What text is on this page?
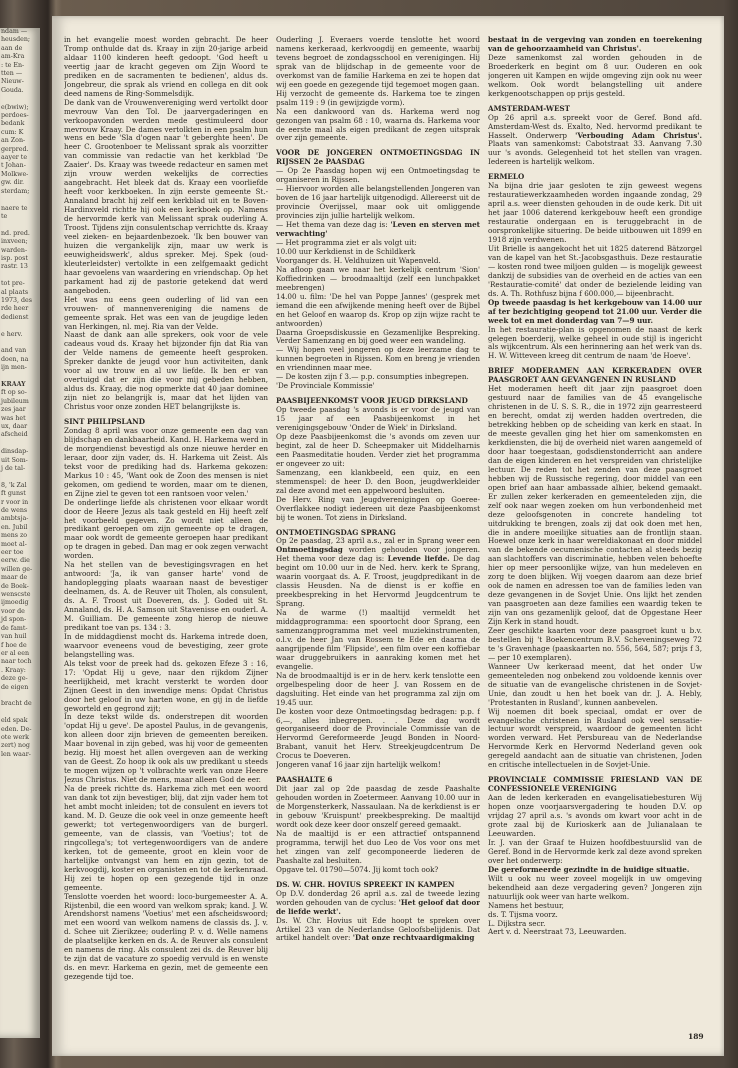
ndam —
heusden;
aan de
am-Kra
: te En-
tten —
Nieuw-
Gouda.
e(bwiw);
perdoes-
bedank
cum: K
an Zon-
gerpred.
aayer te
t Johan-
Molkwe-
gw. dir.
sterdam;
naere te
te
nd. pred.
inxveen;
warden-
isp. post
rastr. 13
tot pre-
al plaats
1973, des
rde heer
dedienst
e herv.
and van
doen, na
ijn men-
KRAAY
ft op so-
jubileum
zes jaar
was het
ux, daar
afscheid
dinsdap-
uit Som-
j de tal-
8, 'k Zal
ft gunst
r voor in
de wens
ambtsja-
en. Jubil
mens zo
moet al-
eer toe
eerw. die
willen ge-
maar de
de Boek-
wenscste
ijmoedig
voor de
jd spon-
de famt-
van huil
f hoe de
er al een
naar toch
. Kraay:
deze ge-
de eigen
bracht de
eld spak
eden. De-
ote werk
zert) nog
len waar-

in het evangelie moest worden gebracht. De heer Tromp onthulde dat ds. Kraay in zijn 20-jarige arbeid aldaar 1100 kinderen heeft gedoopt. 'God heeft u veertig jaar de kracht gegeven om Zijn Woord te prediken en de sacramenten te bedienen', aldus ds. Jongebreur, die sprak als vriend en collega en dit ook deed namens de Ring-Sommelsdijk.

De dank van de Vrouwenvereniging werd vertolkt door mevrouw Van den Tol. De jaarvergaderingen en verkoopavonden werden mede gestimuleerd door mevrouw Kraay. De dames vertolkten in een psalm hun wens en bede 'Sla d'ogen naar 't geberghte heen'. De heer C. Grootenboer te Melissant sprak als voorzitter van commissie van redactie van het kerkblad 'De Zaaier'. Ds. Kraay was tweede redacteur en samen met zijn vrouw werden wekelijks de correcties aangebracht. Het bleek dat ds. Kraay een voorliefde heeft voor kerkboeken. In zijn eerste gemeente St.-Annaland bracht hij zelf een kerkblad uit en te Boven-Hardinxveld richtte hij ook een kerkboek op. Namens de hervormde kerk van Melissant sprak ouderling A. Troost. Tijdens zijn consulentschap verrichtte ds. Kraay veel zieken- en bejaardenbezoek. 'Ik ben bouwer van huizen die vergankelijk zijn, maar uw werk is eeuwigheidswerk', aldus spreker. Mej. Spek (oud-kleuterleidster) vertolkte in een zelfgemaakt gedicht haar gevoelens van waardering en vriendschap. Op het parkament had zij de pastorie getekend dat werd aangeboden.

Het was nu eens geen ouderling of lid van een vrouwen- of mannenvereniging die namens de gemeente sprak. Het was een van de jeugdige leden van Herkingen, nl. mej. Ria van der Velde.

Naast de dank aan alle sprekers, ook voor de vele cadeaus voud ds. Kraay het bijzonder fijn dat Ria van der Velde namens de gemeente heeft gesproken. Spreker dankte de jeugd voor hun activiteiten, dank voor al uw trouw en al uw liefde. Ik ben er van overtuigd dat er zijn die voor mij gebeden hebben, aldus ds. Kraay, die nog opmerkte dat 40 jaar dominee zijn niet zo belangrijk is, maar dat het lijden van Christus voor onze zonden HET belangrijkste is.

SINT PHILIPSLAND

Zondag 8 april was voor onze gemeente een dag van blijdschap en dankbaarheid. Kand. H. Harkema werd in de morgendienst bevestigd als onze nieuwe herder en leraar, door zijn vader, ds. H. Harkema uit Zeist. Als tekst voor de prediking had ds. Harkema gekozen: Markus 10 : 45, 'Want ook de Zoon des mensen is niet gekomen, om gediend te worden, maar om te dienen, en Zijne ziel te geven tot een rantsoen voor velen.'

De onderlinge liefde als christenen voor elkaar wordt door de Heere Jezus als taak gesteld en Hij heeft zelf het voorbeeld gegeven. Zo wordt niet alleen de predikant geroepen om zijn gemeente op te dragen, maar ook wordt de gemeente geroepen haar predikant op te dragen in gebed. Dan mag er ook zegen verwacht worden.

Na het stellen van de bevestigingsvragen en het antwoord: 'Ja, ik van ganser harte' vond de handoplegging plaats waaraan naast de bevestiger deelnamen, ds. A. de Reuver uit Tholen, als consulent, ds. A. F. Troost uit Doeveren, ds. J. Goded uit St. Annaland, ds. H. A. Samson uit Stavenisse en ouderl. A. M. Guilliam. De gemeente zong hierop de nieuwe predikant toe van ps. 134 : 3.

In de middagdienst mocht ds. Harkema intrede doen, waarvoor eveneens voud de bevestiging, zeer grote belangstelling was.

Als tekst voor de preek had ds. gekozen Efeze 3 : 16, 17: 'Opdat Hij u geve, naar den rijkdom Zijner heerlijkheid, met kracht versterkt te worden door Zijnen Geest in den inwendige mens: Opdat Christus door het geloof in uw harten wone, en gij in de liefde geworteld en gegrond zijt;

In deze tekst wilde ds. onderstrepen dit woorden 'opdat Hij u geve'. De apostel Paulus, in de gevangenis, kon alleen door zijn brieven de gemeenten bereiken. Maar bovenal in zijn gebed, was hij voor de gemeenten bezig. Hij moest het allen overgeven aan de werking van de Geest. Zo hoop ik ook als uw predikant u steeds te mogen wijzen op 't volbrachte werk van onze Heere Jezus Christus. Niet de mens, maar alleen God de eer.

Na de preek richtte ds. Harkema zich met een woord van dank tot zijn bevestiger, blij, dat zijn vader hem tot het ambt mocht inleiden; tot de consulent en ievers tot kand. M. D. Geuze die ook veel in onze gemeente heeft gewerkt; tot vertegenwoordigers van de burgerl. gemeente, van de classis, van 'Voetius'; tot de ringcollega's; tot vertegenwoordigers van de andere kerken, tot de gemeente, groot en klein voor de hartelijke ontvangst van hem en zijn gezin, tot de kerkvoogdij, koster en organisten en tot de kerkenraad. Hij zei te hopen op een gezegende tijd in onze gemeente.

Tenslotte voerden het woord: loco-burgemeester A. A. Rijstenbil, die een woord van welkom sprak; kand. J. W. Arendshorst namens 'Voetius' met een afscheidswoord; met een woord van welkom namens de classis ds. J. v. d. Schee uit Zierikzee; ouderling P. v. d. Welle namens de plaatselijke kerken en ds. A. de Reuver als consulent en namens de ring. Als consulent zei ds. de Reuver blij te zijn dat de vacature zo spoedig vervuld is en wenste ds. en mevr. Harkema en gezin, met de gemeente een gezegende tijd toe.

Ouderling J. Everaers voerde tenslotte het woord namens kerkeraad, kerkvoogdij en gemeente, waarbij tevens begroet de zondagsschool en verenigingen. Hij sprak van de blijdschap in de gemeente voor de overkomst van de familie Harkema en zei te hopen dat wij een goede en gezegende tijd tegemoet mogen gaan.

Hij verzocht de gemeente ds. Harkema toe te zingen psalm 119 : 9 (in gewijzigde vorm).

Na een dankwoord van ds. Harkema werd nog gezongen van psalm 68 : 10, waarna ds. Harkema voor de eerste maal als eigen predikant de zegen uitsprak over zijn gemeente.

VOOR DE JONGEREN ONTMOETINGSDAG IN RIJSSEN 2e PAASDAG

— Op 2e Paasdag hopen wij een Ontmoetingsdag te organiseren in Rijssen.

— Hiervoor worden alle belangstellenden Jongeren van boven de 16 jaar hartelijk uitgenodigd. Allereerst uit de provincie Overijssel, maar ook uit omliggende provincies zijn jullie hartelijk welkom.

— Het thema van deze dag is: 'Leven en sterven met verwachting'

— Het programma ziet er als volgt uit:

10.00 uur Kerkdienst in de Schildkerk

Voorganger ds. H. Veldhuizen uit Wapenveld.

Na afloop gaan we naar het kerkelijk centrum 'Sion' Koffiedrinken — broodmaaltijd (zelf een lunchpakket meebrengen)

14.00 u. film: 'De hel van Poppe Jannes' (gesprek met iemand die een afwijkende mening heeft over de Bijbel en het Geloof en waarop ds. Krop op zijn wijze racht te antwoorden)

Daarna Groepsdiskussie en Gezamenlijke Bespreking. Verder Samenzang en bij goed weer een wandeling.

— Wij hopen veel jongeren op deze leerzame dag te kunnen begroeten in Rijssen. Kom en breng je vrienden en vriendinnen maar mee.

— De kosten zijn f 3.— p.p. consumpties inbegrepen.

'De Provinciale Kommissie'

PAASBIJEENKOMST VOOR JEUGD DIRKSLAND

Op tweede paasdag 's avonds is er voor de jeugd van 15 jaar af een Paasbijeenkomst in het verenigingsgebouw 'Onder de Wiek' in Dirksland.

Op deze Paasbijeenkomst die 's avonds om zeven uur begint, zal de heer D. Scheepmaker uit Middelharnis een Paasmeditatie houden. Verder ziet het programma er ongeveer zo uit:

Samenzang, een klankbeeld, een quiz, en een stemmenspel: de heer D. den Boon, jeugdwerkleider zal deze avond met een appelwoord besluiten.

De Herv. Ring van Jeugdverenigingen op Goeree-Overflakkee nodigt iedereen uit deze Paasbijeenkomst bij te wonen. Tot ziens in Dirksland.

ONTMOETINGSDAG SPRANG

Op 2e paasdag, 23 april a.s., zal er in Sprang weer een Ontmoetingsdag worden gehouden voor jongeren. Het thema voor deze dag is: Levende liefde. De dag begint om 10.00 uur in de Ned. herv. kerk te Sprang, waarin voorgaat ds. A. F. Troost, jeugdpredikant in de classis Heusden. Na de dienst is er koffie en preekbespreking in het Hervormd Jeugdcentrum te Sprang.

Na de warme (!) maaltijd vermeldt het middagprogramma: een spoortocht door Sprang, een samenzangprogramma met veel muziekinstrumenten, o.l.v. de heer Jan van Rossem te Ede en daarna de aangrijpende film 'Flipside', een film over een koffiebar waar druggebruikers in aanraking komen met het evangelie.

Na de broodmaaltijd is er in de herv. kerk tenslotte een orgelbespeling door de heer J. van Rossem en de dagsluiting. Het einde van het programma zal zijn om 19.45 uur.

De kosten voor deze Ontmoetingsdag bedragen: p.p. f 6,—, alles inbegrepen. . . Deze dag wordt georganiseerd door de Provinciale Commissie van de Hervormd Gereformeerde Jeugd Bonden in Noord-Brabant, vanuit het Herv. Streekjeugdcentrum De Crocus te Doeveren.

Jongeren vanaf 16 jaar zijn hartelijk welkom!

PAASHALTE 6

Dit jaar zal op 2de paasdag de zesde Paashalte gehouden worden in Zoetermeer. Aanvang 10.00 uur in de Morgensterkerk, Nassaulaan. Na de kerkdienst is er in gebouw 'Kruispunt' preekbespreking. De maaltijd wordt ook deze keer door onszelf gereed gemaakt.

Na de maaltijd is er een attractief ontspannend programma, terwijl het duo Leo de Vos voor ons met het zingen van zelf gecomponeerde liederen de Paashalte zal besluiten.

Opgave tel. 01790—5074. Jij komt toch ook?

DS. W. CHR. HOVIUS SPREEKT IN KAMPEN

Op D.V. donderdag 26 april a.s. zal de tweede lezing worden gehouden van de cyclus: 'Het geloof dat door de liefde werkt'.

Ds. W. Chr. Hovius uit Ede hoopt te spreken over Artikel 23 van de Nederlandse Geloofsbelijdenis. Dat artikel handelt over: 'Dat onze rechtvaardigmaking

bestaat in de vergeving van zonden en toerekening van de gehoorzaamheid van Christus'.

Deze samenkomst zal worden gehouden in de Broederkerk en begint om 8 uur. Ouderen en ook jongeren uit Kampen en wijde omgeving zijn ook nu weer welkom. Ook wordt belangstelling uit andere kerkgenootschappen op prijs gesteld.

AMSTERDAM-WEST

Op 26 april a.s. spreekt voor de Geref. Bond afd. Amsterdam-West ds. Exalto, Ned. hervormd predikant te Hasselt. Onderwerp 'Verbouding Adam Christus'. Plaats van samenkomst: Cabotstraat 33. Aanvang 7.30 uur 's avonds. Gelegenheid tot het stellen van vragen. Iedereen is hartelijk welkom.

ERMELO

Na bijna drie jaar gesloten te zijn geweest wegens restauratiewerkzaamheden worden ingaande zondag, 29 april a.s. weer diensten gehouden in de oude kerk. Dit uit het jaar 1006 daterend kerkgebouw heeft een grondige restauratie ondergaan en is teruggebracht in de oorspronkelijke situering. De beide uitbouwen uit 1899 en 1918 zijn verdwenen.

Uit Brielle is aangekocht het uit 1825 daterend Bätzorgel van de kapel van het St.-Jacobsgasthuis. Deze restauratie — kosten rond twee miljoen gulden — is mogelijk geweest dankzij de subsidies van de overheid en de acties van een 'Restauratie-comité' dat onder de bezielende leiding van ds. A. Th. Rothfusz bijna f 600.000,— bijeenbracht.

Op tweede paasdag is het kerkgebouw van 14.00 uur af ter bezichtiging geopend tot 21.00 uur. Verder die week tot en met donderdag van 7—9 uur.

In het restauratie-plan is opgenomen de naast de kerk gelegen boerderij, welke geheel in oude stijl is ingericht als wijkcentrum. Als een herinnering aan het werk van ds. H. W. Witteveen kreeg dit centrum de naam 'de Hoeve'.

BRIEF MODERAMEN AAN KERKERADEN OVER PAASGROET AAN GEVANGENEN IN RUSLAND

Het moderamen heeft dit jaar zijn paasgroet doen gestuurd naar de families van de 45 evangelische christenen in de U. S. S. R., die in 1972 zijn gearresteerd en berecht, omdat zij werden hadden overtreden, die betrekking hebben op de scheiding van kerk en staat. In de meeste gevallen ging het hier om samenkomsten en kerkdiensten, die bij de overheid niet waren aangemeld of door haar toegestaan, godsdienstonderricht aan andere dan de eigen kinderen en het verspreiden van christelijke lectuur. De reden tot het zenden van deze paasgroet hebben wij de Russische regering, door middel van een open brief aan haar ambassade alhier, bekend gemaakt. Er zullen zeker kerkeraden en gemeenteleden zijn, die zelf ook naar wegen zoeken om hun verbondenheid met deze geloofsgenoten in concrete handeling tot uitdrukking te brengen, zoals zij dat ook doen met hen, die in andere moeilijke situaties aan de frontlijn staan. Hoewel onze kerk in haar wereldiakonaat en door middel van de bekende oecumenische contacten al steeds bezig aan slachtoffers van discriminatie, hebben velen behoefte hier op meer persoonlijke wijze, van hun medeleven en zorg te doen blijken. Wij voegen daarom aan deze brief ook de namen en adressen toe van de families leden van deze gevangenen in de Sovjet Unie. Ons lijkt het zenden van paasgroeten aan deze families een waardig teken te zijn van ons gezamenlijk geloof, dat de Opgestane Heer Zijn Kerk in stand houdt.

Zeer geschikte kaarten voor deze paasgroet kunt u b.v. bestellen bij 't Boekencentrum B.V. Scheveningseweg 72 te 's Gravenhage (paaskaarten no. 556, 564, 587; prijs f 3,— per 10 exemplaren).

Wanneer Uw kerkeraad meent, dat het onder Uw gemeenteleden nog onbekend zou voldoende kennis over de situatie van de evangelische christenen in de Sovjet-Unie, dan zoudt u hen het boek van dr. J. A. Hebly, 'Protestanten in Rusland', kunnen aanbevelen.

Wij noemen dit boek speciaal, omdat er over de evangelische christenen in Rusland ook veel sensatie-lectuur wordt verspreid, waardoor de gemeenten licht worden verward. Het Persbureau van de Nederlandse Hervormde Kerk en Hervormd Nederland geven ook geregeld aandacht aan de situatie van christenen, Joden en critische intellectuelen in de Sovjet-Unie.

PROVINCIALE COMMISSIE FRIESLAND VAN DE CONFESSIONELE VERENIGING

Aan de leden kerkeraden en evangelisatiebesturen Wij hopen onze voorjaarsvergadering te houden D.V. op vrijdag 27 april a.s. 's avonds om kwart voor acht in de grote zaal bij de Kurioskerk aan de Julianalaan te Leeuwarden.

Ir. J. van der Graaf te Huizen hoofdbestuurslid van de Geref. Bond in de Hervormde kerk zal deze avond spreken over het onderwerp:

De gereformeerde gezindte in de huidige situatie.

Wilt u ook nu weer zoveel mogelijk in uw omgeving bekendheid aan deze vergadering geven? Jongeren zijn natuurlijk ook weer van harte welkom.

Namens het bestuur,

ds. T. Tijsma voorz.

L. Dijkstra secr.

Aert v. d. Neerstraat 73, Leeuwarden.

189
